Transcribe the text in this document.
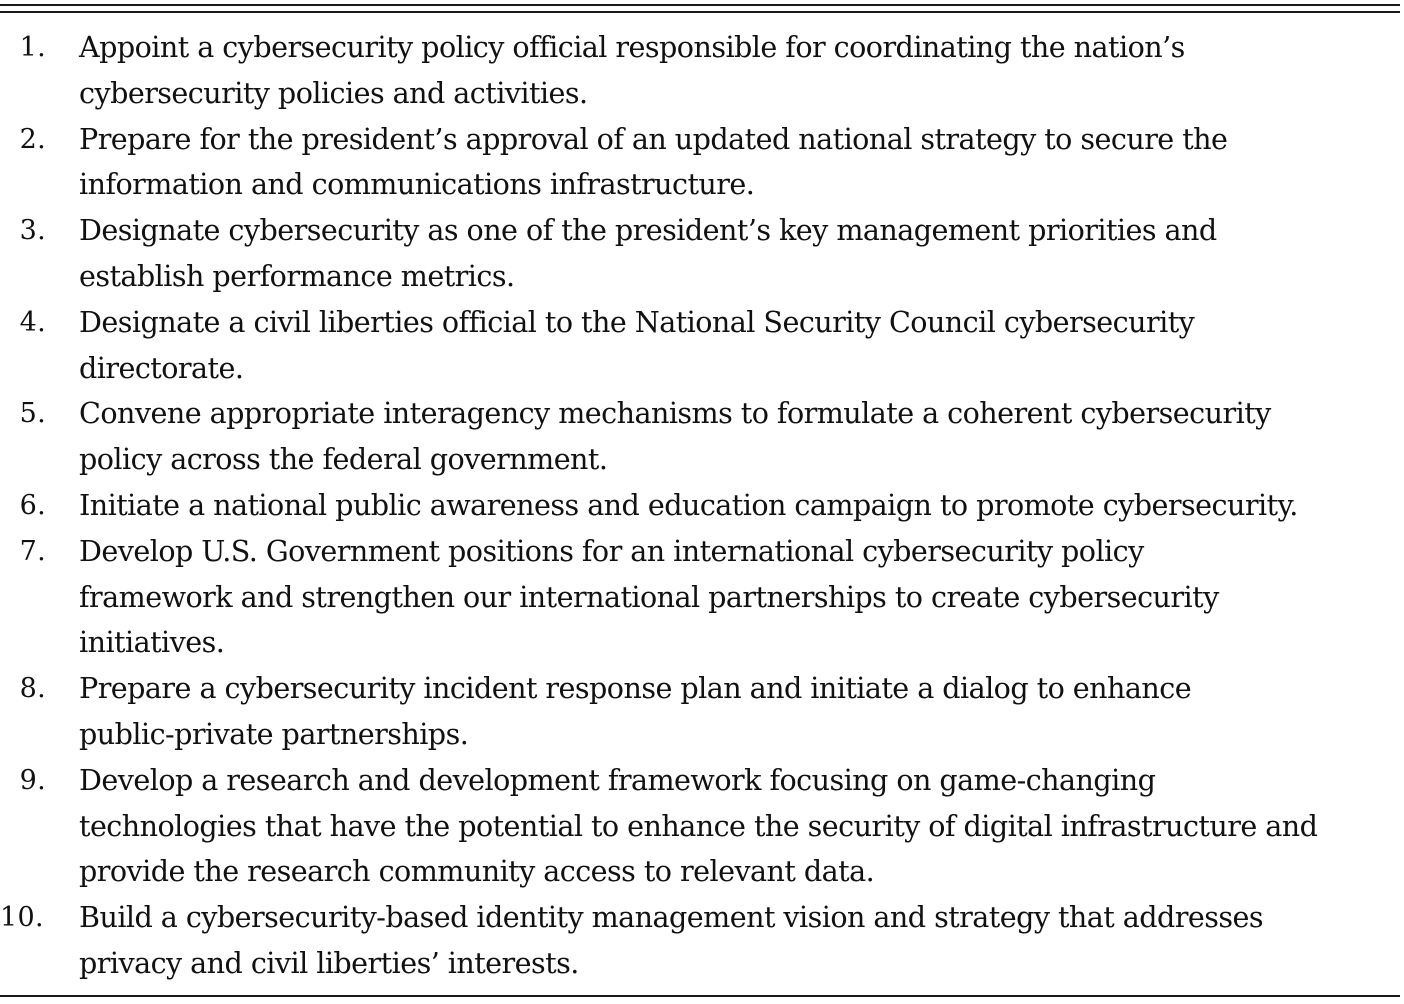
1.	Appoint a cybersecurity policy official responsible for coordinating the nation’s
cybersecurity policies and activities.
2.	Prepare for the president’s approval of an updated national strategy to secure the
information and communications infrastructure.
3.	Designate cybersecurity as one of the president’s key management priorities and
establish performance metrics.
4.	Designate a civil liberties official to the National Security Council cybersecurity
directorate.
5.	Convene appropriate interagency mechanisms to formulate a coherent cybersecurity
policy across the federal government.
6.	Initiate a national public awareness and education campaign to promote cybersecurity.
7.	Develop U.S. Government positions for an international cybersecurity policy
framework and strengthen our international partnerships to create cybersecurity
initiatives.
8.	Prepare a cybersecurity incident response plan and initiate a dialog to enhance
public-private partnerships.
9.	Develop a research and development framework focusing on game-changing
technologies that have the potential to enhance the security of digital infrastructure and
provide the research community access to relevant data.
10.	Build a cybersecurity-based identity management vision and strategy that addresses
privacy and civil liberties’ interests.
